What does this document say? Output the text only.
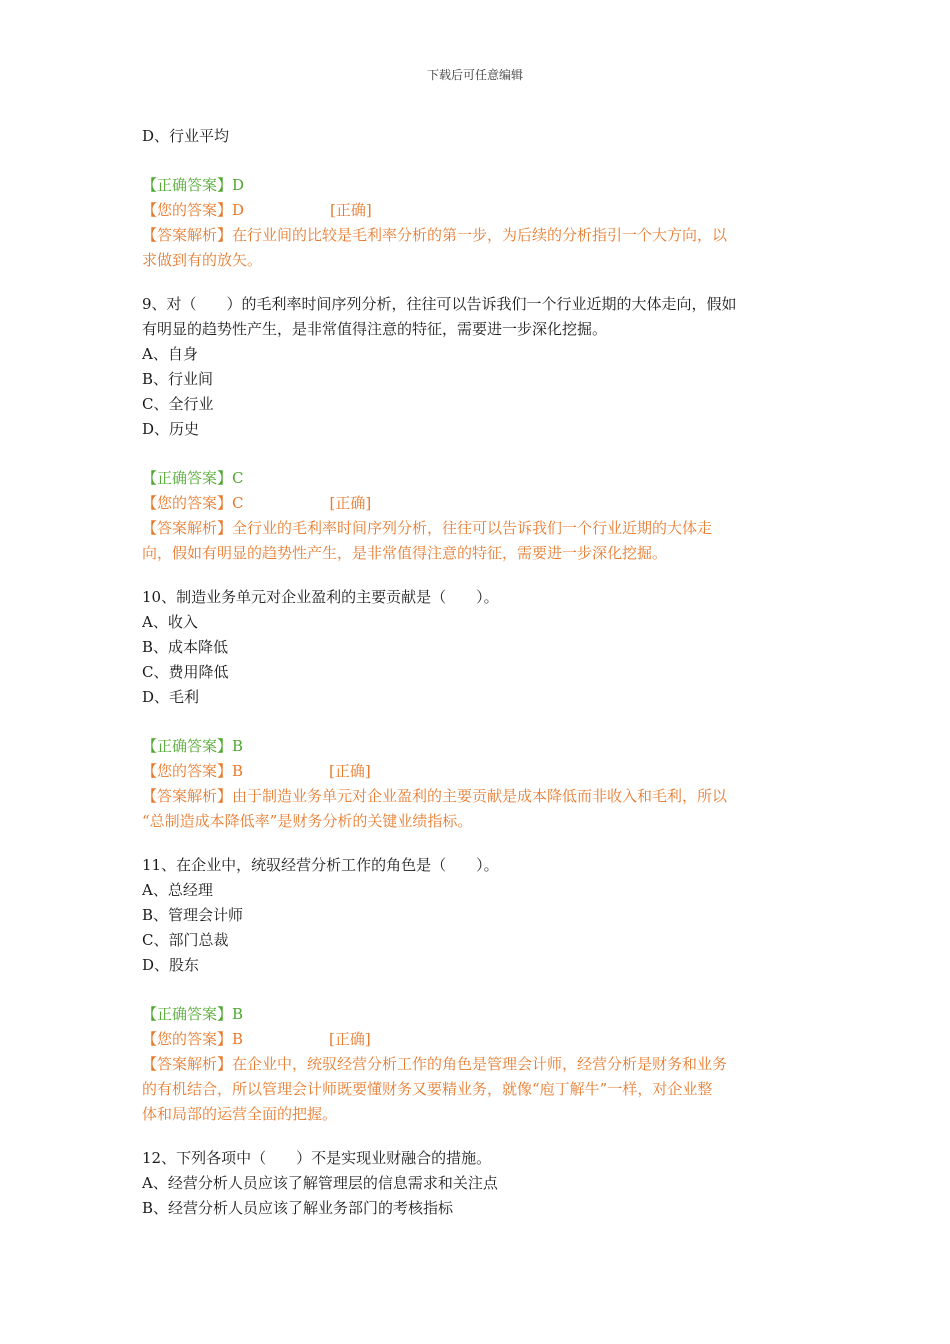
下载后可任意编辑
D、行业平均
【正确答案】D
【您的答案】D	[正确]
【答案解析】在行业间的比较是毛利率分析的第一步，为后续的分析指引一个大方向，以
求做到有的放矢。
9、对（　　）的毛利率时间序列分析，往往可以告诉我们一个行业近期的大体走向，假如
有明显的趋势性产生，是非常值得注意的特征，需要进一步深化挖掘。
A、自身
B、行业间
C、全行业
D、历史
【正确答案】C
【您的答案】C	[正确]
【答案解析】全行业的毛利率时间序列分析，往往可以告诉我们一个行业近期的大体走
向，假如有明显的趋势性产生，是非常值得注意的特征，需要进一步深化挖掘。
10、制造业务单元对企业盈利的主要贡献是（　　）。
A、收入
B、成本降低
C、费用降低
D、毛利
【正确答案】B
【您的答案】B	[正确]
【答案解析】由于制造业务单元对企业盈利的主要贡献是成本降低而非收入和毛利，所以
“总制造成本降低率”是财务分析的关键业绩指标。
11、在企业中，统驭经营分析工作的角色是（　　）。
A、总经理
B、管理会计师
C、部门总裁
D、股东
【正确答案】B
【您的答案】B	[正确]
【答案解析】在企业中，统驭经营分析工作的角色是管理会计师，经营分析是财务和业务
的有机结合，所以管理会计师既要懂财务又要精业务，就像“庖丁解牛”一样，对企业整
体和局部的运营全面的把握。
12、下列各项中（　　）不是实现业财融合的措施。
A、经营分析人员应该了解管理层的信息需求和关注点
B、经营分析人员应该了解业务部门的考核指标
